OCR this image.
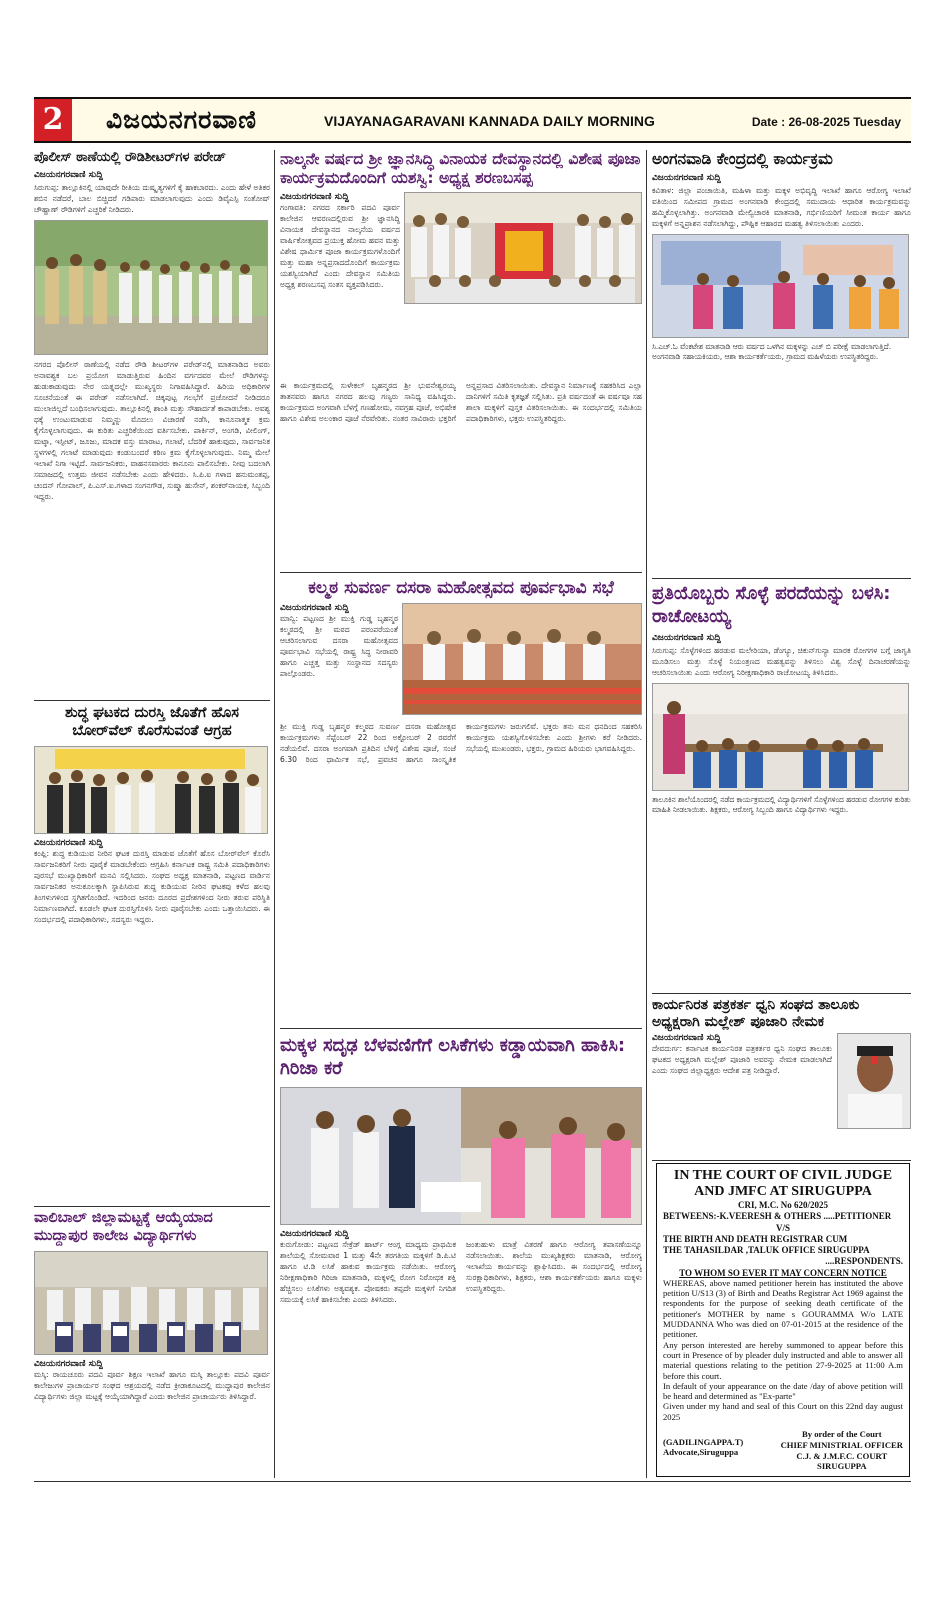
2	ವಿಜಯನಗರವಾಣಿ	VIJAYANAGARAVANI KANNADA DAILY MORNING	Date : 26-08-2025 Tuesday
ಪೊಲೀಸ್ ಠಾಣೆಯಲ್ಲಿ ರೌಡಿಶೀಟರ್‌ಗಳ ಪರೇಡ್
ವಿಜಯನಗರವಾಣಿ ಸುದ್ದಿ
ಸಿರುಗುಪ್ಪ: ತಾಲ್ಲೂಕಿನಲ್ಲಿ ಯಾವುದೇ ರೀತಿಯ ದುಷ್ಕೃತ್ಯಗಳಿಗೆ ಕೈ ಹಾಕಬಾರದು. ಎಂದು ಹೇಳೆ ಅತಿಕರ ಶಬಿನ ನಡೆದರೆ, ಬಾಲ ಬಿಚ್ಚಿದರೆ ಗಡಿಪಾರು ಮಾಡಲಾಗುವುದು ಎಂದು ಡಿವೈಎಸ್ಪಿ ಸಂತೋಷ್ ಚೌಹ್ಹಾಣ್ ರೌಡಿಗಳಿಗೆ ಎಚ್ಚರಿಕೆ ನೀಡಿದರು.
ನಗರದ ಪೊಲೀಸ್ ಠಾಣೆಯಲ್ಲಿ ನಡೆದ ರೌಡಿ ಶೀಟರ್‌ಗಳ ಪರೇಡ್‌ನಲ್ಲಿ ಮಾತನಾಡಿದ ಅವರು ಅನಾವಶ್ಯಕ ಬಲ ಪ್ರಯೋಗ ಮಾಡುತ್ತಿರುವ ಹಿಂದಿನ ವರ್ಗದವರ ಮೇಲೆ ರೌಡಿಗಳನ್ನು ಹುಡುಕಾಡುವುದು ನೇರ ಯತ್ನದಲ್ಲೇ ಮುಖ್ಯಸ್ಥರು ನಿಗಾವಹಿಸಿದ್ದಾರೆ. ಹಿರಿಯ ಅಧಿಕಾರಿಗಳ ಸೂಚನೆಯಂತೆ ಈ ಪರೇಡ್ ನಡೆಸಲಾಗಿದೆ. ಚಿಕ್ಕಪುಟ್ಟ ಗಲಭೆಗೆ ಪ್ರಚೋದನೆ ನೀಡಿದರೂ ಮುಲಾಜಿಲ್ಲದೆ ಬಂಧಿಸಲಾಗುವುದು. ತಾಲ್ಲೂಕಿನಲ್ಲಿ ಶಾಂತಿ ಮತ್ತು ಸೌಹಾರ್ದತೆ ಕಾಪಾಡಬೇಕು. ಅವಶ್ಯ ಧಕ್ಕೆ ಉಂಟುಮಾಡುವ ನಿಮ್ಮನ್ನು ಮೊದಲು ವಿಚಾರಣೆ ನಡೆಸಿ, ಕಾನೂನಾತ್ಮಕ ಕ್ರಮ ಕೈಗೊಳ್ಳಲಾಗುವುದು. ಈ ಕುರಿತು ಎಚ್ಚರಿಕೆಯಿಂದ ವರ್ತಿಸಬೇಕು. ಪಾರ್ಕಿನ್, ಅಂಗಡಿ, ವೀಲಿಂಗ್, ಮಟ್ಕಾ, ಇಸ್ಪೀಟ್, ಜೂಜು, ಮಾದಕ ವಸ್ತು ಮಾರಾಟ, ಗಲಾಟೆ, ಬೆದರಿಕೆ ಹಾಕುವುದು, ಸಾರ್ವಜನಿಕ ಸ್ಥಳಗಳಲ್ಲಿ ಗಲಾಟೆ ಮಾಡುವುದು ಕಂಡುಬಂದರೆ ಕಠಿಣ ಕ್ರಮ ಕೈಗೊಳ್ಳಲಾಗುವುದು. ನಿಮ್ಮ ಮೇಲೆ ಇಲಾಖೆ ನಿಗಾ ಇಟ್ಟಿದೆ. ಸಾರ್ವಜನಿಕರು, ವಾಹನಸವಾರರು ಕಾನೂನು ಪಾಲಿಸಬೇಕು. ನೀವು ಬದಲಾಗಿ ಸಮಾಜದಲ್ಲಿ ಉತ್ತಮ ಜೀವನ ನಡೆಸಬೇಕು ಎಂದು ಹೇಳಿದರು. ಸಿ.ಪಿ.ಐ ಗಳಾದ ಹನುಮಂತಪ್ಪ, ಚಂದನ್ ಗೋಪಾಲ್, ಪಿ.ಎಸ್.ಐ.ಗಳಾದ ಸಂಗನಗೌಡ, ಸುಷ್ಮಾ ಹುಸೇನ್, ಶಂಕರ್‌ನಾಯಕ, ಸಿಬ್ಬಂದಿ ಇದ್ದರು.
ಶುದ್ಧ ಘಟಕದ ದುರಸ್ತಿ ಜೊತೆಗೆ ಹೊಸ ಬೋರ್‌ವೆಲ್ ಕೊರೆಸುವಂತೆ ಆಗ್ರಹ
ವಿಜಯನಗರವಾಣಿ ಸುದ್ದಿ
ಕಂಪ್ಲಿ: ಶುದ್ಧ ಕುಡಿಯುವ ನೀರಿನ ಘಟಕ ದುರಸ್ತಿ ಮಾಡುವ ಜೊತೆಗೆ ಹೊಸ ಬೋರ್‌ವೆಲ್ ಕೊರೆಸಿ ಸಾರ್ವಜನಿಕರಿಗೆ ನೀರು ಪೂರೈಕೆ ಮಾಡಬೇಕೆಂದು ಆಗ್ರಹಿಸಿ ಕರ್ನಾಟಕ ರಾಷ್ಟ್ರ ಸಮಿತಿ ಪದಾಧಿಕಾರಿಗಳು ಪುರಸಭೆ ಮುಖ್ಯಾಧಿಕಾರಿಗೆ ಮನವಿ ಸಲ್ಲಿಸಿದರು. ಸಂಘದ ಅಧ್ಯಕ್ಷ ಮಾತನಾಡಿ, ಪಟ್ಟಣದ ವಾರ್ಡಿನ ಸಾರ್ವಜನಿಕರ ಅನುಕೂಲಕ್ಕಾಗಿ ಸ್ಥಾಪಿಸಿರುವ ಶುದ್ಧ ಕುಡಿಯುವ ನೀರಿನ ಘಟಕವು ಕಳೆದ ಹಲವು ತಿಂಗಳುಗಳಿಂದ ಸ್ಥಗಿತಗೊಂಡಿದೆ. ಇದರಿಂದ ಜನರು ದೂರದ ಪ್ರದೇಶಗಳಿಂದ ನೀರು ತರುವ ಪರಿಸ್ಥಿತಿ ನಿರ್ಮಾಣವಾಗಿದೆ. ಕೂಡಲೇ ಘಟಕ ದುರಸ್ತಿಗೊಳಿಸಿ ನೀರು ಪೂರೈಸಬೇಕು ಎಂದು ಒತ್ತಾಯಿಸಿದರು. ಈ ಸಂದರ್ಭದಲ್ಲಿ ಪದಾಧಿಕಾರಿಗಳು, ಸದಸ್ಯರು ಇದ್ದರು.
ವಾಲಿಬಾಲ್ ಜಿಲ್ಲಾಮಟ್ಟಕ್ಕೆ ಆಯ್ಕೆಯಾದ ಮುದ್ದಾಪುರ ಕಾಲೇಜ ವಿದ್ಯಾರ್ಥಿಗಳು
ವಿಜಯನಗರವಾಣಿ ಸುದ್ದಿ
ಮಸ್ಕಿ: ರಾಯಚೂರು ಪದವಿ ಪೂರ್ವ ಶಿಕ್ಷಣ ಇಲಾಖೆ ಹಾಗೂ ಮಸ್ಕಿ ತಾಲ್ಲೂಕು ಪದವಿ ಪೂರ್ವ ಕಾಲೇಜುಗಳ ಪ್ರಾಚಾರ್ಯರ ಸಂಘದ ಆಶ್ರಯದಲ್ಲಿ ನಡೆದ ಕ್ರೀಡಾಕೂಟದಲ್ಲಿ ಮುದ್ದಾಪುರ ಕಾಲೇಜಿನ ವಿದ್ಯಾರ್ಥಿಗಳು ಜಿಲ್ಲಾ ಮಟ್ಟಕ್ಕೆ ಆಯ್ಕೆಯಾಗಿದ್ದಾರೆ ಎಂದು ಕಾಲೇಜಿನ ಪ್ರಾಚಾರ್ಯರು ತಿಳಿಸಿದ್ದಾರೆ.
ನಾಲ್ಕನೇ ವರ್ಷದ ಶ್ರೀ ಜ್ಞಾನಸಿದ್ಧಿ ವಿನಾಯಕ ದೇವಸ್ಥಾನದಲ್ಲಿ ವಿಶೇಷ ಪೂಜಾ ಕಾರ್ಯಕ್ರಮದೊಂದಿಗೆ ಯಶಸ್ವಿ: ಅಧ್ಯಕ್ಷ ಶರಣಬಸಪ್ಪ
ವಿಜಯನಗರವಾಣಿ ಸುದ್ದಿ
ಗಂಗಾವತಿ: ನಗರದ ಸರ್ಕಾರಿ ಪದವಿ ಪೂರ್ವ ಕಾಲೇಜಿನ ಆವರಣದಲ್ಲಿರುವ ಶ್ರೀ ಜ್ಞಾನಸಿದ್ಧಿ ವಿನಾಯಕ ದೇವಸ್ಥಾನದ ನಾಲ್ಕನೆಯ ವರ್ಷದ ವಾರ್ಷಿಕೋತ್ಸವದ ಪ್ರಯುಕ್ತ ಹೋಮ ಹವನ ಮತ್ತು ವಿಶೇಷ ಧಾರ್ಮಿಕ ಪೂಜಾ ಕಾರ್ಯಕ್ರಮಗಳೊಂದಿಗೆ ಮತ್ತು ಮಹಾ ಅನ್ನಪ್ರಸಾದದೊಂದಿಗೆ ಕಾರ್ಯಕ್ರಮ ಯಶಸ್ವಿಯಾಗಿದೆ ಎಂದು ದೇವಸ್ಥಾನ ಸಮಿತಿಯ ಅಧ್ಯಕ್ಷ ಶರಣಬಸಪ್ಪ ಸಂತಸ ವ್ಯಕ್ತಪಡಿಸಿದರು.
ಈ ಕಾರ್ಯಕ್ರಮದಲ್ಲಿ ಸುಳೇಕಲ್ ಬೃಹನ್ಮಠದ ಶ್ರೀ ಭುವನೇಶ್ವರಯ್ಯ ತಾತನವರು ಹಾಗೂ ನಗರದ ಹಲವು ಗಣ್ಯರು ಸಾನಿಧ್ಯ ವಹಿಸಿದ್ದರು. ಕಾರ್ಯಕ್ರಮದ ಅಂಗವಾಗಿ ಬೆಳಗ್ಗೆ ಗಣಹೋಮ, ನವಗ್ರಹ ಪೂಜೆ, ಅಭಿಷೇಕ ಹಾಗೂ ವಿಶೇಷ ಅಲಂಕಾರ ಪೂಜೆ ನೆರವೇರಿತು. ನಂತರ ಸಾವಿರಾರು ಭಕ್ತರಿಗೆ ಅನ್ನಪ್ರಸಾದ ವಿತರಿಸಲಾಯಿತು. ದೇವಸ್ಥಾನ ನಿರ್ಮಾಣಕ್ಕೆ ಸಹಕರಿಸಿದ ಎಲ್ಲಾ ದಾನಿಗಳಿಗೆ ಸಮಿತಿ ಕೃತಜ್ಞತೆ ಸಲ್ಲಿಸಿತು. ಪ್ರತಿ ವರ್ಷದಂತೆ ಈ ವರ್ಷವೂ ಸಹ ಶಾಲಾ ಮಕ್ಕಳಿಗೆ ಪುಸ್ತಕ ವಿತರಿಸಲಾಯಿತು. ಈ ಸಂದರ್ಭದಲ್ಲಿ ಸಮಿತಿಯ ಪದಾಧಿಕಾರಿಗಳು, ಭಕ್ತರು ಉಪಸ್ಥಿತರಿದ್ದರು.
ಕಲ್ಮಠ ಸುವರ್ಣ ದಸರಾ ಮಹೋತ್ಸವದ ಪೂರ್ವಭಾವಿ ಸಭೆ
ವಿಜಯನಗರವಾಣಿ ಸುದ್ದಿ
ಮಾನ್ವಿ: ಪಟ್ಟಣದ ಶ್ರೀ ಮುಕ್ತಿ ಗುಡ್ಡ ಬೃಹನ್ಮಠ ಕಲ್ಮಠದಲ್ಲಿ ಶ್ರೀ ಮಠದ ಪರಂಪರೆಯಂತೆ ಆಚರಿಸಲಾಗುವ ದಸರಾ ಮಹೋತ್ಸವದ ಪೂರ್ವಭಾವಿ ಸಭೆಯಲ್ಲಿ ರಾಷ್ಟ್ರ ಸಿದ್ಧ ನೀರಾವರಿ ಹಾಗೂ ಎಚ್ಚತ್ತ ಮತ್ತು ಸಂಸ್ಥಾನದ ಸದಸ್ಯರು ಪಾಲ್ಗೊಂಡರು.
ಶ್ರೀ ಮುಕ್ತಿ ಗುಡ್ಡ ಬೃಹನ್ಮಠ ಕಲ್ಮಠದ ಸುವರ್ಣ ದಸರಾ ಮಹೋತ್ಸವ ಕಾರ್ಯಕ್ರಮಗಳು ಸೆಪ್ಟೆಂಬರ್ 22 ರಿಂದ ಅಕ್ಟೋಬರ್ 2 ರವರೆಗೆ ನಡೆಯಲಿವೆ. ದಸರಾ ಅಂಗವಾಗಿ ಪ್ರತಿದಿನ ಬೆಳಿಗ್ಗೆ ವಿಶೇಷ ಪೂಜೆ, ಸಂಜೆ 6.30 ರಿಂದ ಧಾರ್ಮಿಕ ಸಭೆ, ಪ್ರವಚನ ಹಾಗೂ ಸಾಂಸ್ಕೃತಿಕ ಕಾರ್ಯಕ್ರಮಗಳು ಜರುಗಲಿವೆ. ಭಕ್ತರು ತನು ಮನ ಧನದಿಂದ ಸಹಕರಿಸಿ ಕಾರ್ಯಕ್ರಮ ಯಶಸ್ವಿಗೊಳಿಸಬೇಕು ಎಂದು ಶ್ರೀಗಳು ಕರೆ ನೀಡಿದರು. ಸಭೆಯಲ್ಲಿ ಮುಖಂಡರು, ಭಕ್ತರು, ಗ್ರಾಮದ ಹಿರಿಯರು ಭಾಗವಹಿಸಿದ್ದರು.
ಅಂಗನವಾಡಿ ಕೇಂದ್ರದಲ್ಲಿ ಕಾರ್ಯಕ್ರಮ
ವಿಜಯನಗರವಾಣಿ ಸುದ್ದಿ
ಕವಿತಾಳ: ಜಿಲ್ಲಾ ಪಂಚಾಯಿತಿ, ಮಹಿಳಾ ಮತ್ತು ಮಕ್ಕಳ ಅಭಿವೃದ್ಧಿ ಇಲಾಖೆ ಹಾಗೂ ಆರೋಗ್ಯ ಇಲಾಖೆ ವತಿಯಿಂದ ಸಮೀಪದ ಗ್ರಾಮದ ಅಂಗನವಾಡಿ ಕೇಂದ್ರದಲ್ಲಿ ಸಮುದಾಯ ಆಧಾರಿತ ಕಾರ್ಯಕ್ರಮವನ್ನು ಹಮ್ಮಿಕೊಳ್ಳಲಾಗಿತ್ತು. ಅಂಗನವಾಡಿ ಮೇಲ್ವಿಚಾರಕಿ ಮಾತನಾಡಿ, ಗರ್ಭಿಣಿಯರಿಗೆ ಸೀಮಂತ ಕಾರ್ಯ ಹಾಗೂ ಮಕ್ಕಳಿಗೆ ಅನ್ನಪ್ರಾಶನ ನಡೆಸಲಾಗಿದ್ದು, ಪೌಷ್ಟಿಕ ಆಹಾರದ ಮಹತ್ವ ತಿಳಿಸಲಾಯಿತು ಎಂದರು.
ಸಿ.ಎಚ್.ಓ ವೆಂಕಟೇಶ ಮಾತನಾಡಿ ಆರು ವರ್ಷದ ಒಳಗಿನ ಮಕ್ಕಳನ್ನು ಎಚ್ ಬಿ ಪರೀಕ್ಷೆ ಮಾಡಲಾಗುತ್ತಿದೆ. ಅಂಗನವಾಡಿ ಸಹಾಯಕಿಯರು, ಆಶಾ ಕಾರ್ಯಕರ್ತೆಯರು, ಗ್ರಾಮದ ಮಹಿಳೆಯರು ಉಪಸ್ಥಿತರಿದ್ದರು.
ಪ್ರತಿಯೊಬ್ಬರು ಸೊಳ್ಳೆ ಪರದೆಯನ್ನು ಬಳಸಿ: ರಾಚೋಟಯ್ಯ
ವಿಜಯನಗರವಾಣಿ ಸುದ್ದಿ
ಸಿರುಗುಪ್ಪ: ಸೊಳ್ಳೆಗಳಿಂದ ಹರಡುವ ಮಲೇರಿಯಾ, ಡೆಂಗ್ಯೂ, ಚಿಕುನ್‌ಗುನ್ಯಾ ಮಾರಕ ರೋಗಗಳ ಬಗ್ಗೆ ಜಾಗೃತಿ ಮೂಡಿಸಲು ಮತ್ತು ಸೊಳ್ಳೆ ನಿಯಂತ್ರಣದ ಮಹತ್ವವನ್ನು ತಿಳಿಸಲು ವಿಶ್ವ ಸೊಳ್ಳೆ ದಿನಾಚರಣೆಯನ್ನು ಆಚರಿಸಲಾಯಿತು ಎಂದು ಆರೋಗ್ಯ ನಿರೀಕ್ಷಣಾಧಿಕಾರಿ ರಾಚೋಟಯ್ಯ ತಿಳಿಸಿದರು.
ತಾಲೂಕಿನ ಶಾಲೆಯೊಂದರಲ್ಲಿ ನಡೆದ ಕಾರ್ಯಕ್ರಮದಲ್ಲಿ ವಿದ್ಯಾರ್ಥಿಗಳಿಗೆ ಸೊಳ್ಳೆಗಳಿಂದ ಹರಡುವ ರೋಗಗಳ ಕುರಿತು ಮಾಹಿತಿ ನೀಡಲಾಯಿತು. ಶಿಕ್ಷಕರು, ಆರೋಗ್ಯ ಸಿಬ್ಬಂದಿ ಹಾಗೂ ವಿದ್ಯಾರ್ಥಿಗಳು ಇದ್ದರು.
ಕಾರ್ಯನಿರತ ಪತ್ರಕರ್ತ ಧ್ವನಿ ಸಂಘದ ತಾಲೂಕು ಅಧ್ಯಕ್ಷರಾಗಿ ಮಲ್ಲೇಶ್ ಪೂಜಾರಿ ನೇಮಕ
ವಿಜಯನಗರವಾಣಿ ಸುದ್ದಿ
ದೇವದುರ್ಗ: ಕರ್ನಾಟಕ ಕಾರ್ಯನಿರತ ಪತ್ರಕರ್ತರ ಧ್ವನಿ ಸಂಘದ ತಾಲೂಕು ಘಟಕದ ಅಧ್ಯಕ್ಷರಾಗಿ ಮಲ್ಲೇಶ್ ಪೂಜಾರಿ ಅವರನ್ನು ನೇಮಕ ಮಾಡಲಾಗಿದೆ ಎಂದು ಸಂಘದ ಜಿಲ್ಲಾಧ್ಯಕ್ಷರು ಆದೇಶ ಪತ್ರ ನೀಡಿದ್ದಾರೆ.
IN THE COURT OF CIVIL JUDGE
AND JMFC AT SIRUGUPPA
CRI, M.C. No 620/2025
BETWEENS:-K.VEERESH & OTHERS .....PETITIONER
V/S
THE BIRTH AND DEATH REGISTRAR CUM
THE TAHASILDAR ,TALUK OFFICE SIRUGUPPA
....RESPONDENTS.
TO WHOM SO EVER IT MAY CONCERN NOTICE
WHEREAS, above named petitioner herein has instituted the above petition U/S13 (3) of Birth and Deaths Registrar Act 1969 against the respondents for the purpose of seeking death certificate of the petitioner's MOTHER by name s GOURAMMA W/o LATE MUDDANNA Who was died on 07-01-2015 at the residence of the petitioner.
Any person interested are hereby summoned to appear before this court in Presence of by pleader duly instructed and able to answer all material questions relating to the petition 27-9-2025 at 11:00 A.m before this court.
In default of your appearance on the date /day of above petition will be heard and determined as "Ex-parte"
Given under my hand and seal of this Court on this 22nd day august 2025
(GADILINGAPPA.T)
Advocate,Siruguppa
By order of the Court
CHIEF MINISTRIAL OFFICER
C.J. & J.M.F.C. COURT
SIRUGUPPA
ಮಕ್ಕಳ ಸದೃಢ ಬೆಳವಣಿಗೆಗೆ ಲಸಿಕೆಗಳು ಕಡ್ಡಾಯವಾಗಿ ಹಾಕಿಸಿ: ಗಿರಿಜಾ ಕರೆ
ವಿಜಯನಗರವಾಣಿ ಸುದ್ದಿ
ಕುರುಗೋಡು: ಪಟ್ಟಣದ ಸೇಕ್ರೆಡ್ ಹಾರ್ಟ್ ಆಂಗ್ಲ ಮಾಧ್ಯಮ ಪ್ರಾಥಮಿಕ ಶಾಲೆಯಲ್ಲಿ ಸೋಮವಾರ 1 ಮತ್ತು 4ನೇ ತರಗತಿಯ ಮಕ್ಕಳಿಗೆ ಡಿ.ಪಿ.ಟಿ ಹಾಗೂ ಟಿ.ಡಿ ಲಸಿಕೆ ಹಾಕುವ ಕಾರ್ಯಕ್ರಮ ನಡೆಯಿತು. ಆರೋಗ್ಯ ನಿರೀಕ್ಷಣಾಧಿಕಾರಿ ಗಿರಿಜಾ ಮಾತನಾಡಿ, ಮಕ್ಕಳಲ್ಲಿ ರೋಗ ನಿರೋಧಕ ಶಕ್ತಿ ಹೆಚ್ಚಿಸಲು ಲಸಿಕೆಗಳು ಅತ್ಯವಶ್ಯಕ. ಪೋಷಕರು ತಪ್ಪದೇ ಮಕ್ಕಳಿಗೆ ನಿಗದಿತ ಸಮಯಕ್ಕೆ ಲಸಿಕೆ ಹಾಕಿಸಬೇಕು ಎಂದು ತಿಳಿಸಿದರು.
ಜಂತುಹುಳು ಮಾತ್ರೆ ವಿತರಣೆ ಹಾಗೂ ಆರೋಗ್ಯ ತಪಾಸಣೆಯನ್ನೂ ನಡೆಸಲಾಯಿತು. ಶಾಲೆಯ ಮುಖ್ಯಶಿಕ್ಷಕರು ಮಾತನಾಡಿ, ಆರೋಗ್ಯ ಇಲಾಖೆಯ ಕಾರ್ಯವನ್ನು ಶ್ಲಾಘಿಸಿದರು. ಈ ಸಂದರ್ಭದಲ್ಲಿ ಆರೋಗ್ಯ ಸುರಕ್ಷಾಧಿಕಾರಿಗಳು, ಶಿಕ್ಷಕರು, ಆಶಾ ಕಾರ್ಯಕರ್ತೆಯರು ಹಾಗೂ ಮಕ್ಕಳು ಉಪಸ್ಥಿತರಿದ್ದರು.
